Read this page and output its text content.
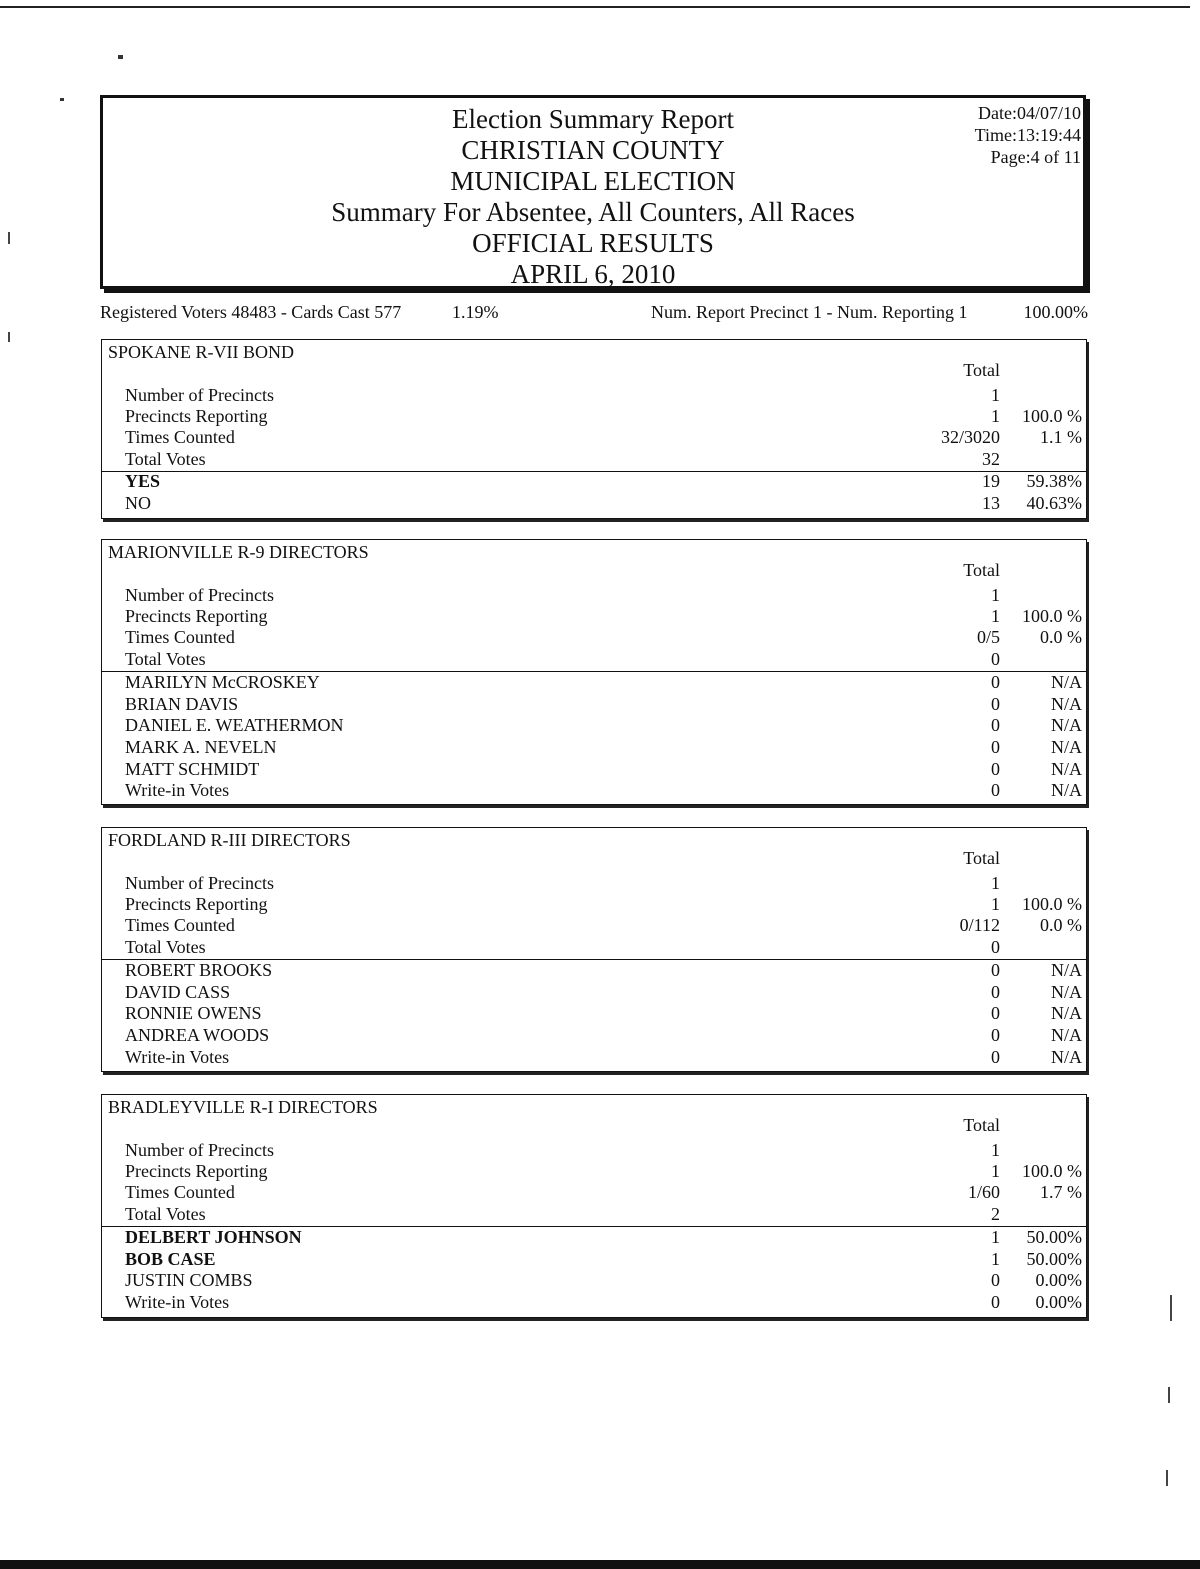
Election Summary Report
CHRISTIAN COUNTY
MUNICIPAL ELECTION
Summary For Absentee, All Counters, All Races
OFFICIAL RESULTS
APRIL 6, 2010
Date:04/07/10
Time:13:19:44
Page:4 of 11
Registered Voters 48483 - Cards Cast 577	1.19%	Num. Report Precinct 1 - Num. Reporting 1	100.00%
SPOKANE R-VII BOND
Total
Number of Precincts	1
Precincts Reporting	1 100.0 %
Times Counted	32/3020 1.1 %
Total Votes	32
YES	19 59.38%
NO	13 40.63%
MARIONVILLE R-9 DIRECTORS
Total
Number of Precincts	1
Precincts Reporting	1 100.0 %
Times Counted	0/5 0.0 %
Total Votes	0
MARILYN McCROSKEY	0	N/A
BRIAN DAVIS	0	N/A
DANIEL E. WEATHERMON	0	N/A
MARK A. NEVELN	0	N/A
MATT SCHMIDT	0	N/A
Write-in Votes	0	N/A
FORDLAND R-III DIRECTORS
Total
Number of Precincts	1
Precincts Reporting	1 100.0 %
Times Counted	0/112 0.0 %
Total Votes	0
ROBERT BROOKS	0	N/A
DAVID CASS	0	N/A
RONNIE OWENS	0	N/A
ANDREA WOODS	0	N/A
Write-in Votes	0	N/A
BRADLEYVILLE R-I DIRECTORS
Total
Number of Precincts	1
Precincts Reporting	1 100.0 %
Times Counted	1/60 1.7 %
Total Votes	2
DELBERT JOHNSON	1 50.00%
BOB CASE	1 50.00%
JUSTIN COMBS	0 0.00%
Write-in Votes	0 0.00%
